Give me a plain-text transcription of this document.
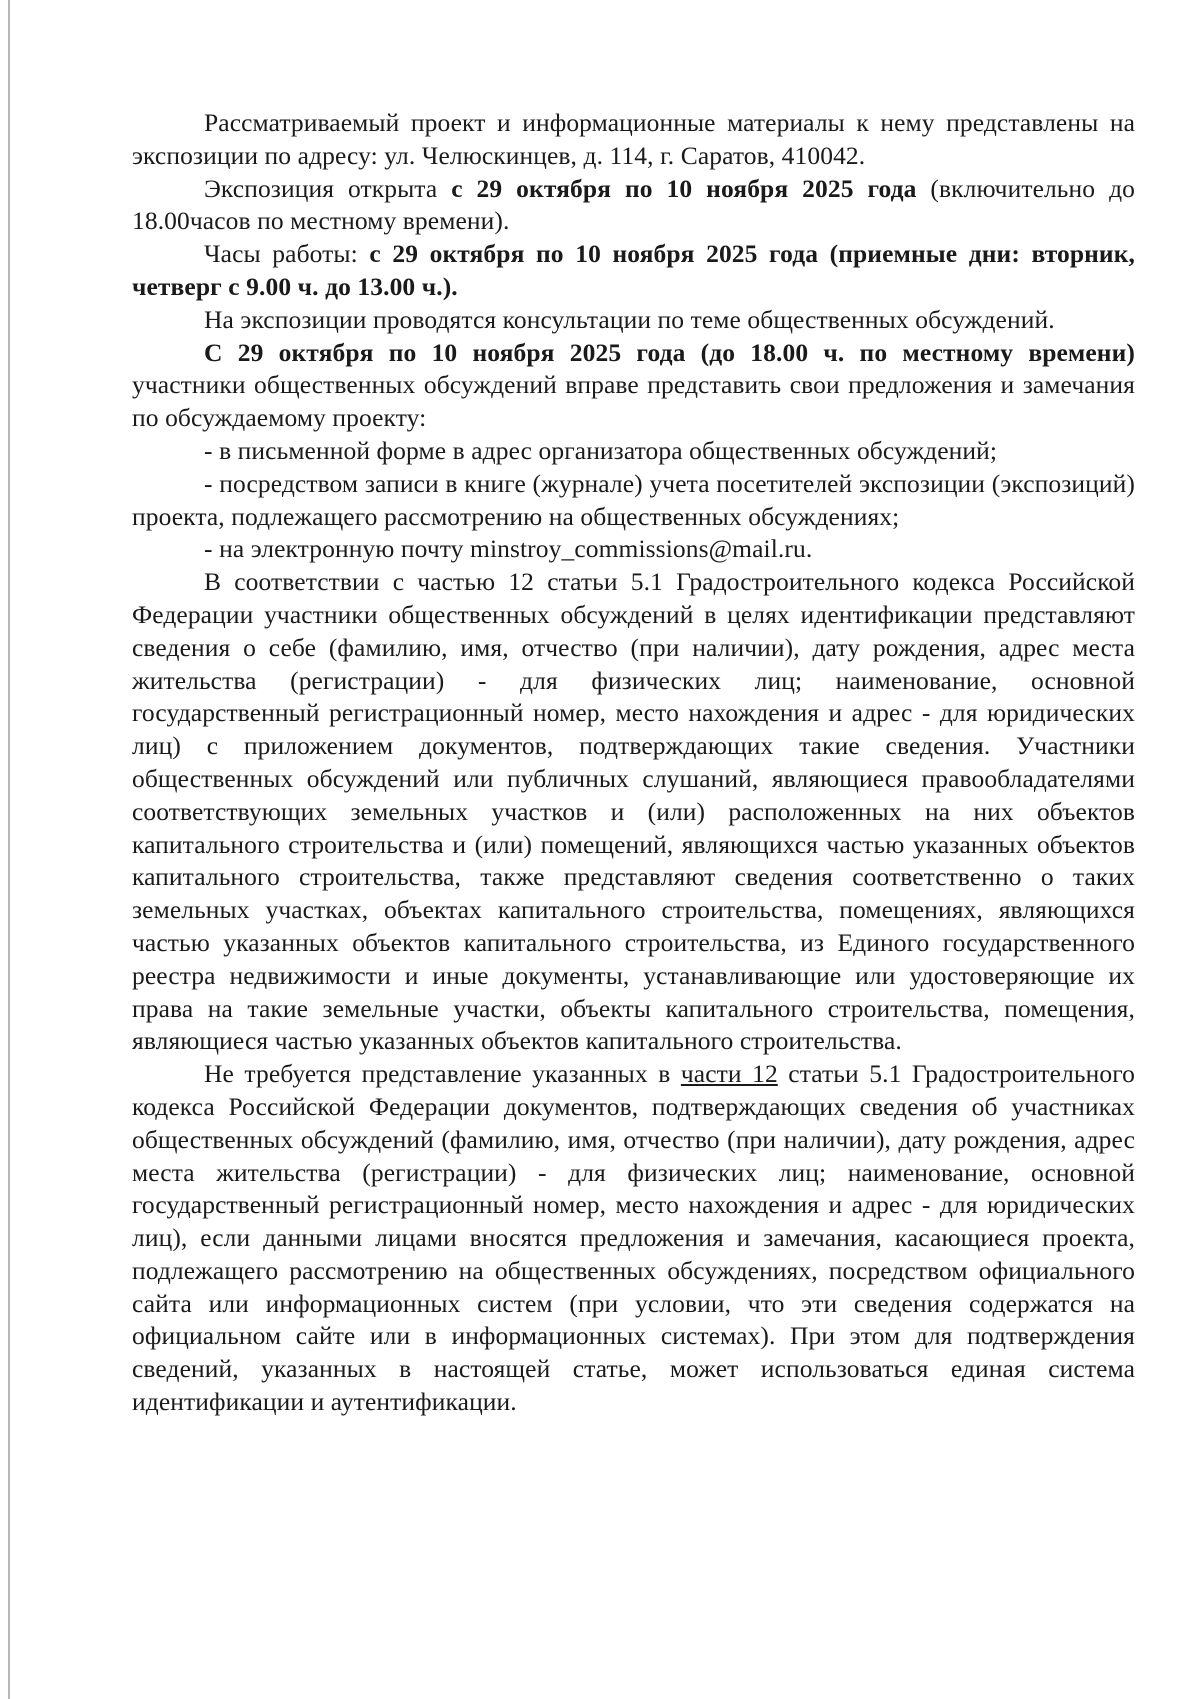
Рассматриваемый проект и информационные материалы к нему представлены на экспозиции по адресу: ул. Челюскинцев, д. 114, г. Саратов, 410042.

Экспозиция открыта с 29 октября по 10 ноября 2025 года (включительно до 18.00часов по местному времени).

Часы работы: с 29 октября по 10 ноября 2025 года (приемные дни: вторник, четверг с 9.00 ч. до 13.00 ч.).

На экспозиции проводятся консультации по теме общественных обсуждений.

С 29 октября по 10 ноября 2025 года (до 18.00 ч. по местному времени) участники общественных обсуждений вправе представить свои предложения и замечания по обсуждаемому проекту:

- в письменной форме в адрес организатора общественных обсуждений;

- посредством записи в книге (журнале) учета посетителей экспозиции (экспозиций) проекта, подлежащего рассмотрению на общественных обсуждениях;

- на электронную почту minstroy_commissions@mail.ru.

В соответствии с частью 12 статьи 5.1 Градостроительного кодекса Российской Федерации участники общественных обсуждений в целях идентификации представляют сведения о себе (фамилию, имя, отчество (при наличии), дату рождения, адрес места жительства (регистрации) - для физических лиц; наименование, основной государственный регистрационный номер, место нахождения и адрес - для юридических лиц) с приложением документов, подтверждающих такие сведения. Участники общественных обсуждений или публичных слушаний, являющиеся правообладателями соответствующих земельных участков и (или) расположенных на них объектов капитального строительства и (или) помещений, являющихся частью указанных объектов капитального строительства, также представляют сведения соответственно о таких земельных участках, объектах капитального строительства, помещениях, являющихся частью указанных объектов капитального строительства, из Единого государственного реестра недвижимости и иные документы, устанавливающие или удостоверяющие их права на такие земельные участки, объекты капитального строительства, помещения, являющиеся частью указанных объектов капитального строительства.

Не требуется представление указанных в части 12 статьи 5.1 Градостроительного кодекса Российской Федерации документов, подтверждающих сведения об участниках общественных обсуждений (фамилию, имя, отчество (при наличии), дату рождения, адрес места жительства (регистрации) - для физических лиц; наименование, основной государственный регистрационный номер, место нахождения и адрес - для юридических лиц), если данными лицами вносятся предложения и замечания, касающиеся проекта, подлежащего рассмотрению на общественных обсуждениях, посредством официального сайта или информационных систем (при условии, что эти сведения содержатся на официальном сайте или в информационных системах). При этом для подтверждения сведений, указанных в настоящей статье, может использоваться единая система идентификации и аутентификации.
